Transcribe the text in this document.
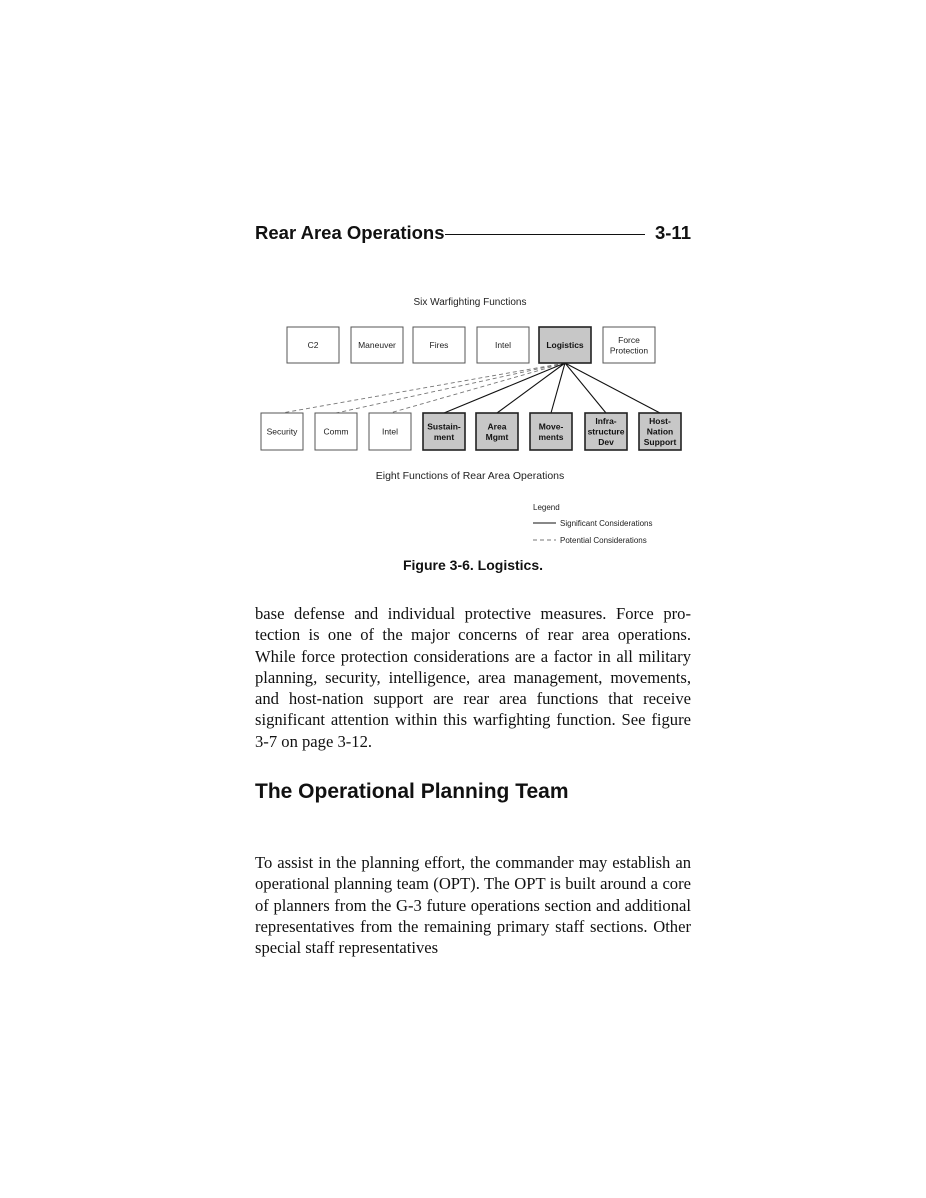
Rear Area Operations	3-11
Six Warfighting Functions
C2	Maneuver	Fires	Intel	Logistics
Force
Protection
Security	Comm	Intel
Sustain-
ment
Area
Mgmt
Move-
ments
Infra-
structure
Dev
Host-
Nation
Support
Eight Functions of Rear Area Operations
Legend
Significant Considerations
Potential Considerations
Figure 3-6. Logistics.

base defense and individual protective measures. Force protection is one of the major concerns of rear area operations. While force protection considerations are a factor in all military planning, security, intelligence, area management, movements, and host-nation support are rear area functions that receive significant attention within this warfighting function. See figure 3-7 on page 3-12.

The Operational Planning Team

To assist in the planning effort, the commander may establish an operational planning team (OPT). The OPT is built around a core of planners from the G-3 future operations section and additional representatives from the remaining primary staff sections. Other special staff representatives
